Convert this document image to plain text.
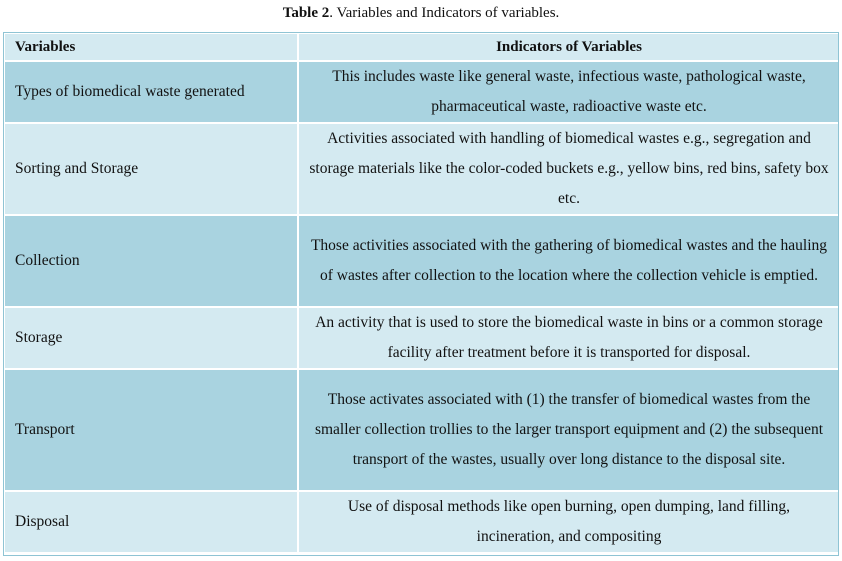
Table 2. Variables and Indicators of variables.
Variables	Indicators of Variables
Types of biomedical waste generated	This includes waste like general waste, infectious waste, pathological waste, pharmaceutical waste, radioactive waste etc.
Sorting and Storage	Activities associated with handling of biomedical wastes e.g., segregation and storage materials like the color-coded buckets e.g., yellow bins, red bins, safety box etc.
Collection	Those activities associated with the gathering of biomedical wastes and the hauling of wastes after collection to the location where the collection vehicle is emptied.
Storage	An activity that is used to store the biomedical waste in bins or a common storage facility after treatment before it is transported for disposal.
Transport	Those activates associated with (1) the transfer of biomedical wastes from the smaller collection trollies to the larger transport equipment and (2) the subsequent transport of the wastes, usually over long distance to the disposal site.
Disposal	Use of disposal methods like open burning, open dumping, land filling, incineration, and compositing
